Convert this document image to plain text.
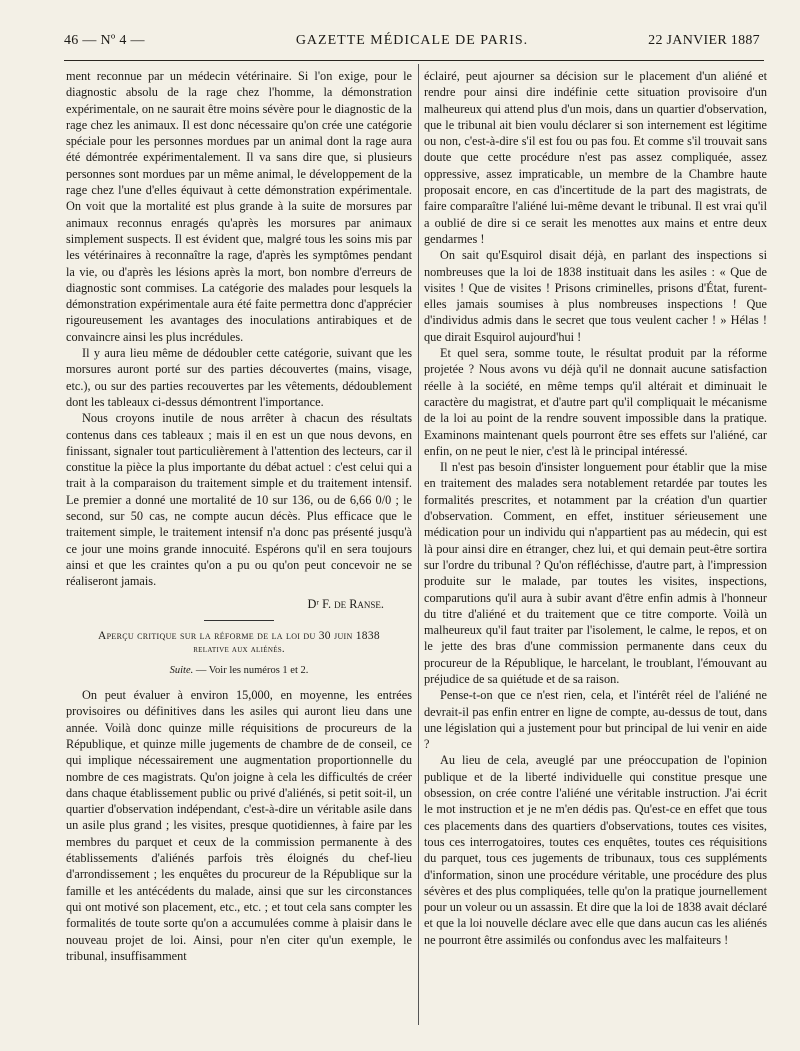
46 — Nº 4 —	GAZETTE MÉDICALE DE PARIS.	22 JANVIER 1887

ment reconnue par un médecin vétérinaire. Si l'on exige, pour le diagnostic absolu de la rage chez l'homme, la démonstration expérimentale, on ne saurait être moins sévère pour le diagnostic de la rage chez les animaux. Il est donc nécessaire qu'on crée une catégorie spéciale pour les personnes mordues par un animal dont la rage aura été démontrée expérimentalement. Il va sans dire que, si plusieurs personnes sont mordues par un même animal, le développement de la rage chez l'une d'elles équivaut à cette démonstration expérimentale. On voit que la mortalité est plus grande à la suite de morsures par animaux reconnus enragés qu'après les morsures par animaux simplement suspects. Il est évident que, malgré tous les soins mis par les vétérinaires à reconnaître la rage, d'après les symptômes pendant la vie, ou d'après les lésions après la mort, bon nombre d'erreurs de diagnostic sont commises. La catégorie des malades pour lesquels la démonstration expérimentale aura été faite permettra donc d'apprécier rigoureusement les avantages des inoculations antirabiques et de convaincre ainsi les plus incrédules.

Il y aura lieu même de dédoubler cette catégorie, suivant que les morsures auront porté sur des parties découvertes (mains, visage, etc.), ou sur des parties recouvertes par les vêtements, dédoublement dont les tableaux ci-dessus démontrent l'importance.

Nous croyons inutile de nous arrêter à chacun des résultats contenus dans ces tableaux ; mais il en est un que nous devons, en finissant, signaler tout particulièrement à l'attention des lecteurs, car il constitue la pièce la plus importante du débat actuel : c'est celui qui a trait à la comparaison du traitement simple et du traitement intensif. Le premier a donné une mortalité de 10 sur 136, ou de 6,66 0/0 ; le second, sur 50 cas, ne compte aucun décès. Plus efficace que le traitement simple, le traitement intensif n'a donc pas présenté jusqu'à ce jour une moins grande innocuité. Espérons qu'il en sera toujours ainsi et que les craintes qu'on a pu ou qu'on peut concevoir ne se réaliseront jamais.

Dʳ F. de Ranse.
Aperçu critique sur la réforme de la loi du 30 juin 1838
relative aux aliénés.
Suite. — Voir les numéros 1 et 2.

On peut évaluer à environ 15,000, en moyenne, les entrées provisoires ou définitives dans les asiles qui auront lieu dans une année. Voilà donc quinze mille réquisitions de procureurs de la République, et quinze mille jugements de chambre de de conseil, ce qui implique nécessairement une augmentation proportionnelle du nombre de ces magistrats. Qu'on joigne à cela les difficultés de créer dans chaque établissement public ou privé d'aliénés, si petit soit-il, un quartier d'observation indépendant, c'est-à-dire un véritable asile dans un asile plus grand ; les visites, presque quotidiennes, à faire par les membres du parquet et ceux de la commission permanente à des établissements d'aliénés parfois très éloignés du chef-lieu d'arrondissement ; les enquêtes du procureur de la République sur la famille et les antécédents du malade, ainsi que sur les circonstances qui ont motivé son placement, etc., etc. ; et tout cela sans compter les formalités de toute sorte qu'on a accumulées comme à plaisir dans le nouveau projet de loi. Ainsi, pour n'en citer qu'un exemple, le tribunal, insuffisamment

éclairé, peut ajourner sa décision sur le placement d'un aliéné et rendre pour ainsi dire indéfinie cette situation provisoire d'un malheureux qui attend plus d'un mois, dans un quartier d'observation, que le tribunal ait bien voulu déclarer si son internement est légitime ou non, c'est-à-dire s'il est fou ou pas fou. Et comme s'il trouvait sans doute que cette procédure n'est pas assez compliquée, assez oppressive, assez impraticable, un membre de la Chambre haute proposait encore, en cas d'incertitude de la part des magistrats, de faire comparaître l'aliéné lui-même devant le tribunal. Il est vrai qu'il a oublié de dire si ce serait les menottes aux mains et entre deux gendarmes !

On sait qu'Esquirol disait déjà, en parlant des inspections si nombreuses que la loi de 1838 instituait dans les asiles : « Que de visites ! Que de visites ! Prisons criminelles, prisons d'État, furent-elles jamais soumises à plus nombreuses inspections ! Que d'individus admis dans le secret que tous veulent cacher ! » Hélas ! que dirait Esquirol aujourd'hui !

Et quel sera, somme toute, le résultat produit par la réforme projetée ? Nous avons vu déjà qu'il ne donnait aucune satisfaction réelle à la société, en même temps qu'il altérait et diminuait le caractère du magistrat, et d'autre part qu'il compliquait le mécanisme de la loi au point de la rendre souvent impossible dans la pratique. Examinons maintenant quels pourront être ses effets sur l'aliéné, car enfin, on ne peut le nier, c'est là le principal intéressé.

Il n'est pas besoin d'insister longuement pour établir que la mise en traitement des malades sera notablement retardée par toutes les formalités prescrites, et notamment par la création d'un quartier d'observation. Comment, en effet, instituer sérieusement une médication pour un individu qui n'appartient pas au médecin, qui est là pour ainsi dire en étranger, chez lui, et qui demain peut-être sortira sur l'ordre du tribunal ? Qu'on réfléchisse, d'autre part, à l'impression produite sur le malade, par toutes les visites, inspections, comparutions qu'il aura à subir avant d'être enfin admis à l'honneur du titre d'aliéné et du traitement que ce titre comporte. Voilà un malheureux qu'il faut traiter par l'isolement, le calme, le repos, et on le jette des bras d'une commission permanente dans ceux du procureur de la République, le harcelant, le troublant, l'émouvant au préjudice de sa quiétude et de sa raison.

Pense-t-on que ce n'est rien, cela, et l'intérêt réel de l'aliéné ne devrait-il pas enfin entrer en ligne de compte, au-dessus de tout, dans une législation qui a justement pour but principal de lui venir en aide ?

Au lieu de cela, aveuglé par une préoccupation de l'opinion publique et de la liberté individuelle qui constitue presque une obsession, on crée contre l'aliéné une véritable instruction. J'ai écrit le mot instruction et je ne m'en dédis pas. Qu'est-ce en effet que tous ces placements dans des quartiers d'observations, toutes ces visites, tous ces interrogatoires, toutes ces enquêtes, toutes ces réquisitions du parquet, tous ces jugements de tribunaux, tous ces suppléments d'information, sinon une procédure véritable, une procédure des plus sévères et des plus compliquées, telle qu'on la pratique journellement pour un voleur ou un assassin. Et dire que la loi de 1838 avait déclaré et que la loi nouvelle déclare avec elle que dans aucun cas les aliénés ne pourront être assimilés ou confondus avec les malfaiteurs !
